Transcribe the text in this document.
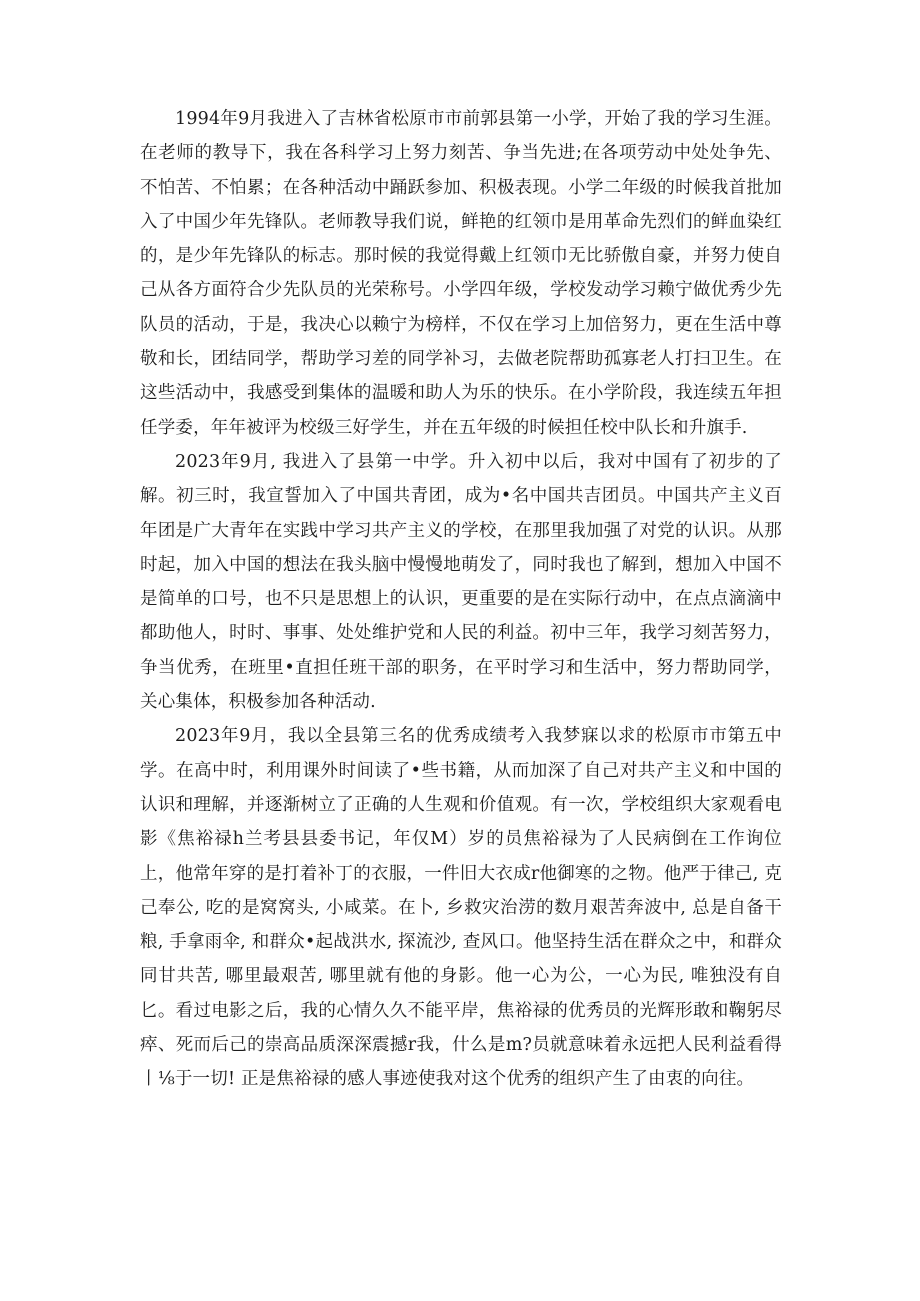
1994年9月我进入了吉林省松原市市前郭县第一小学，开始了我的学习生涯。在老师的教导下，我在各科学习上努力刻苦、争当先进;在各项劳动中处处争先、不怕苦、不怕累；在各种活动中踊跃参加、积极表现。小学二年级的时候我首批加入了中国少年先锋队。老师教导我们说，鲜艳的红领巾是用革命先烈们的鲜血染红的，是少年先锋队的标志。那时候的我觉得戴上红领巾无比骄傲自豪，并努力使自己从各方面符合少先队员的光荣称号。小学四年级，学校发动学习赖宁做优秀少先队员的活动，于是，我决心以赖宁为榜样，不仅在学习上加倍努力，更在生活中尊敬和长，团结同学，帮助学习差的同学补习，去做老院帮助孤寡老人打扫卫生。在这些活动中，我感受到集体的温暖和助人为乐的快乐。在小学阶段，我连续五年担任学委，年年被评为校级三好学生，并在五年级的时候担任校中队长和升旗手.

2023年9月, 我进入了县第一中学。升入初中以后，我对中国有了初步的了解。初三时，我宣誓加入了中国共青团，成为•名中国共吉团员。中国共产主义百年团是广大青年在实践中学习共产主义的学校，在那里我加强了对党的认识。从那时起，加入中国的想法在我头脑中慢慢地萌发了，同时我也了解到，想加入中国不是简单的口号，也不只是思想上的认识，更重要的是在实际行动中，在点点滴滴中都助他人，时时、事事、处处维护党和人民的利益。初中三年，我学习刻苦努力，争当优秀，在班里•直担任班干部的职务，在平时学习和生活中，努力帮助同学，关心集体，积极参加各种活动.

2023年9月，我以全县第三名的优秀成绩考入我梦寐以求的松原市市第五中学。在高中时，利用课外时间读了•些书籍，从而加深了自己对共产主义和中国的认识和理解，并逐渐树立了正确的人生观和价值观。有一次，学校组织大家观看电影《焦裕禄h兰考县县委书记，年仅M）岁的员焦裕禄为了人民病倒在工作询位上，他常年穿的是打着补丁的衣服，一件旧大衣成r他御寒的之物。他严于律己, 克己奉公, 吃的是窝窝头, 小咸菜。在卜, 乡救灾治涝的数月艰苦奔波中, 总是自备干粮, 手拿雨伞, 和群众•起战洪水, 探流沙, 查风口。他坚持生活在群众之中，和群众同甘共苦, 哪里最艰苦, 哪里就有他的身影。他一心为公，一心为民, 唯独没有自匕。看过电影之后，我的心情久久不能平岸，焦裕禄的优秀员的光辉形敢和鞠躬尽瘁、死而后己的崇高品质深深震撼r我，什么是m?员就意味着永远把人民利益看得丨⅛于一切! 正是焦裕禄的感人事迹使我对这个优秀的组织产生了由衷的向往。
